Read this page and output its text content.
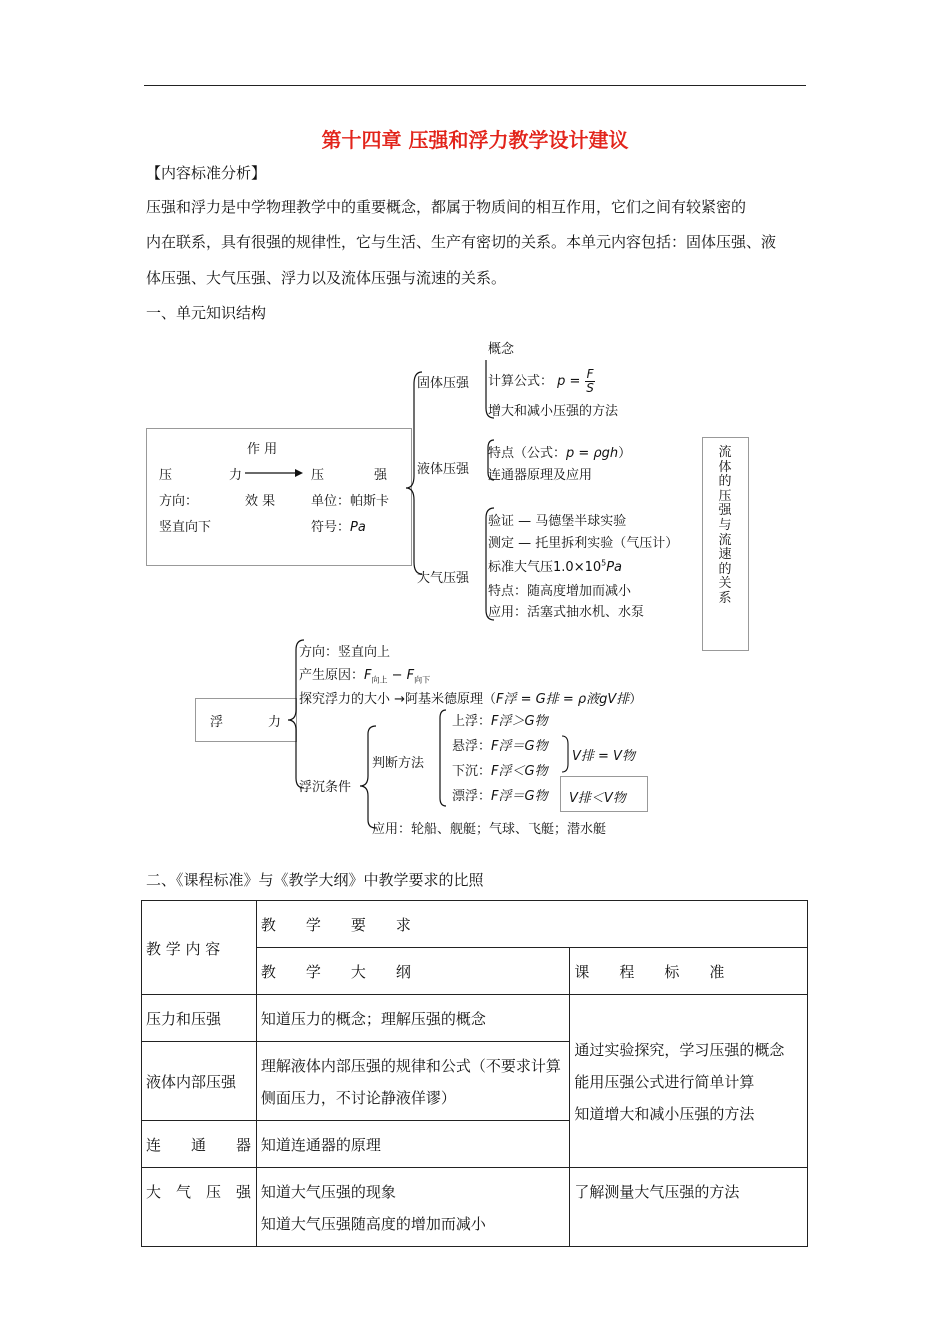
第十四章 压强和浮力教学设计建议
【内容标准分析】
压强和浮力是中学物理教学中的重要概念，都属于物质间的相互作用，它们之间有较紧密的
内在联系，具有很强的规律性，它与生活、生产有密切的关系。本单元内容包括：固体压强、液
体压强、大气压强、浮力以及流体压强与流速的关系。
一、单元知识结构
作 用
压	力	压	强
方向：	效 果	单位：帕斯卡
竖直向下	符号：Pa
固体压强
概念
计算公式： $p = \frac{F}{S}$
增大和减小压强的方法
液体压强
特点（公式：p = ρgh）
连通器原理及应用
大气压强
验证 — 马德堡半球实验
测定 — 托里拆利实验（气压计）
标准大气压$1.0\times 10^5Pa$
特点：随高度增加而减小
应用：活塞式抽水机、水泵
流体的压强与流速的关系
浮	力
方向：竖直向上
产生原因：$F_{向上} - F_{向下}$
探究浮力的大小 →阿基米德原理（F浮 = G排 = ρ液gV排）
浮沉条件
判断方法
上浮：F浮＞G物
悬浮：F浮＝G物
下沉：F浮＜G物
漂浮：F浮＝G物
V排 = V物
V排＜V物
应用：轮船、舰艇；气球、飞艇；潜水艇
二、《课程标准》与《教学大纲》中教学要求的比照
教 学 内 容	教　　学　　要　　求	
	教　　学　　大　　纲	课　　程　　标　　准
压力和压强	知道压力的概念；理解压强的概念	通过实验探究，学习压强的概念
能用压强公式进行简单计算
知道增大和减小压强的方法

液体内部压强	理解液体内部压强的规律和公式（不要求计算侧面压力，不讨论静液佯谬）	
连　　通　　器	知道连通器的原理	
大　气　压　强	知道大气压强的现象
知道大气压强随高度的增加而减小	了解测量大气压强的方法
